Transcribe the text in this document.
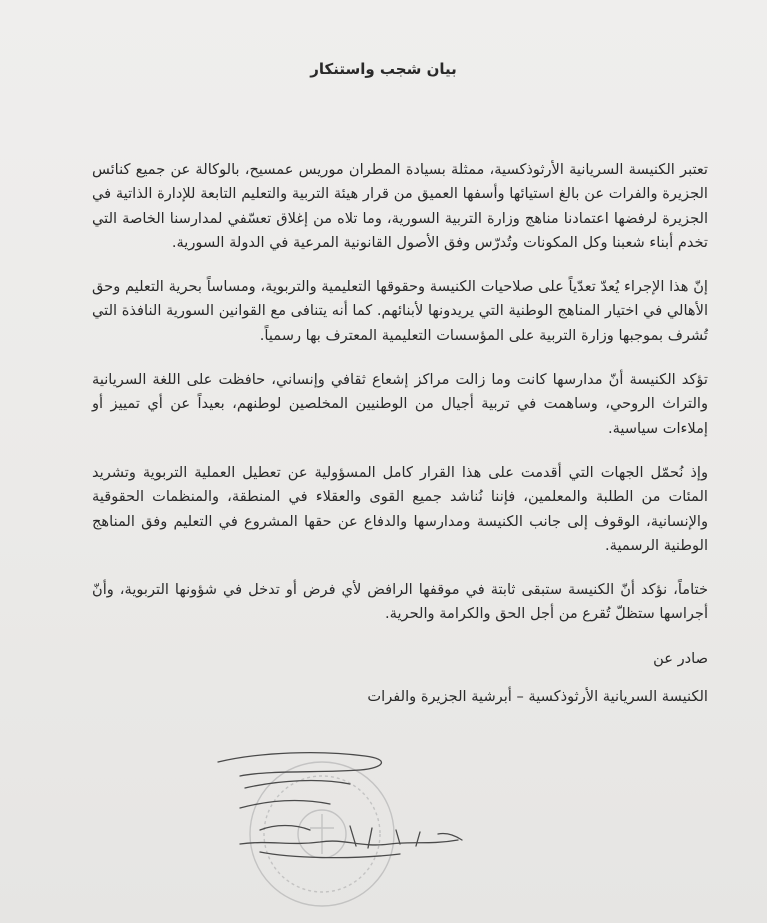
بيان شجب واستنكار

تعتبر الكنيسة السريانية الأرثوذكسية، ممثلة بسيادة المطران موريس عمسيح، بالوكالة عن جميع كنائس الجزيرة والفرات عن بالغ استيائها وأسفها العميق من قرار هيئة التربية والتعليم التابعة للإدارة الذاتية في الجزيرة لرفضها اعتمادنا مناهج وزارة التربية السورية، وما تلاه من إغلاق تعسّفي لمدارسنا الخاصة التي تخدم أبناء شعبنا وكل المكونات وتُدرّس وفق الأصول القانونية المرعية في الدولة السورية.

إنّ هذا الإجراء يُعدّ تعدّياً على صلاحيات الكنيسة وحقوقها التعليمية والتربوية، ومساساً بحرية التعليم وحق الأهالي في اختيار المناهج الوطنية التي يريدونها لأبنائهم. كما أنه يتنافى مع القوانين السورية النافذة التي تُشرف بموجبها وزارة التربية على المؤسسات التعليمية المعترف بها رسمياً.

تؤكد الكنيسة أنّ مدارسها كانت وما زالت مراكز إشعاع ثقافي وإنساني، حافظت على اللغة السريانية والتراث الروحي، وساهمت في تربية أجيال من الوطنيين المخلصين لوطنهم، بعيداً عن أي تمييز أو إملاءات سياسية.

وإذ نُحمّل الجهات التي أقدمت على هذا القرار كامل المسؤولية عن تعطيل العملية التربوية وتشريد المئات من الطلبة والمعلمين، فإننا نُناشد جميع القوى والعقلاء في المنطقة، والمنظمات الحقوقية والإنسانية، الوقوف إلى جانب الكنيسة ومدارسها والدفاع عن حقها المشروع في التعليم وفق المناهج الوطنية الرسمية.

ختاماً، نؤكد أنّ الكنيسة ستبقى ثابتة في موقفها الرافض لأي فرض أو تدخل في شؤونها التربوية، وأنّ أجراسها ستظلّ تُقرع من أجل الحق والكرامة والحرية.

صادر عن

الكنيسة السريانية الأرثوذكسية – أبرشية الجزيرة والفرات
